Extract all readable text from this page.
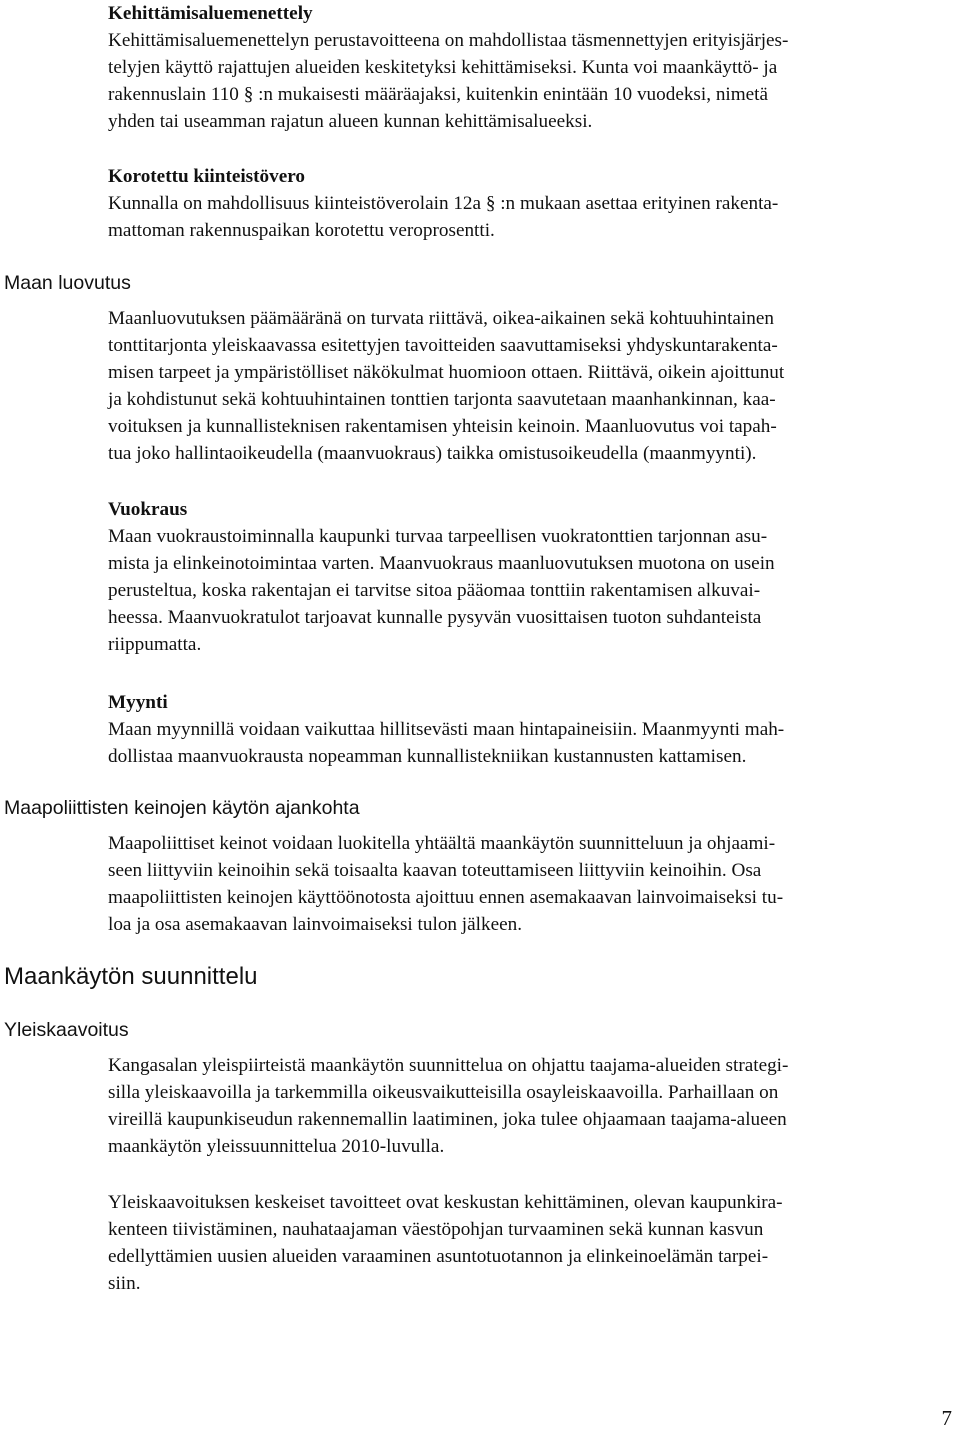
Kehittämisaluemenettely
Kehittämisaluemenettelyn perustavoitteena on mahdollistaa täsmennettyjen erityisjärjes-
telyjen käyttö rajattujen alueiden keskitetyksi kehittämiseksi. Kunta voi maankäyttö- ja
rakennuslain 110 § :n mukaisesti määräajaksi, kuitenkin enintään 10 vuodeksi, nimetä
yhden tai useamman rajatun alueen kunnan kehittämisalueeksi.
Korotettu kiinteistövero
Kunnalla on mahdollisuus kiinteistöverolain 12a § :n mukaan asettaa erityinen rakenta-
mattoman rakennuspaikan korotettu veroprosentti.
Maan luovutus
Maanluovutuksen päämääränä on turvata riittävä, oikea-aikainen sekä kohtuuhintainen
tonttitarjonta yleiskaavassa esitettyjen tavoitteiden saavuttamiseksi yhdyskuntarakenta-
misen tarpeet ja ympäristölliset näkökulmat huomioon ottaen. Riittävä, oikein ajoittunut
ja kohdistunut sekä kohtuuhintainen tonttien tarjonta saavutetaan maanhankinnan, kaa-
voituksen ja kunnallisteknisen rakentamisen yhteisin keinoin. Maanluovutus voi tapah-
tua joko hallintaoikeudella (maanvuokraus) taikka omistusoikeudella (maanmyynti).
Vuokraus
Maan vuokraustoiminnalla kaupunki turvaa tarpeellisen vuokratonttien tarjonnan asu-
mista ja elinkeinotoimintaa varten. Maanvuokraus maanluovutuksen muotona on usein
perusteltua, koska rakentajan ei tarvitse sitoa pääomaa tonttiin rakentamisen alkuvai-
heessa. Maanvuokratulot tarjoavat kunnalle pysyvän vuosittaisen tuoton suhdanteista
riippumatta.
Myynti
Maan myynnillä voidaan vaikuttaa hillitsevästi maan hintapaineisiin. Maanmyynti mah-
dollistaa maanvuokrausta nopeamman kunnallistekniikan kustannusten kattamisen.
Maapoliittisten keinojen käytön ajankohta
Maapoliittiset keinot voidaan luokitella yhtäältä maankäytön suunnitteluun ja ohjaami-
seen liittyviin keinoihin sekä toisaalta kaavan toteuttamiseen liittyviin keinoihin. Osa
maapoliittisten keinojen käyttöönotosta ajoittuu ennen asemakaavan lainvoimaiseksi tu-
loa ja osa asemakaavan lainvoimaiseksi tulon jälkeen.
Maankäytön suunnittelu
Yleiskaavoitus
Kangasalan yleispiirteistä maankäytön suunnittelua on ohjattu taajama-alueiden strategi-
silla yleiskaavoilla ja tarkemmilla oikeusvaikutteisilla osayleiskaavoilla. Parhaillaan on
vireillä kaupunkiseudun rakennemallin laatiminen, joka tulee ohjaamaan taajama-alueen
maankäytön yleissuunnittelua 2010-luvulla.
Yleiskaavoituksen keskeiset tavoitteet ovat keskustan kehittäminen, olevan kaupunkira-
kenteen tiivistäminen, nauhataajaman väestöpohjan turvaaminen sekä kunnan kasvun
edellyttämien uusien alueiden varaaminen asuntotuotannon ja elinkeinoelämän tarpei-
siin.
7
